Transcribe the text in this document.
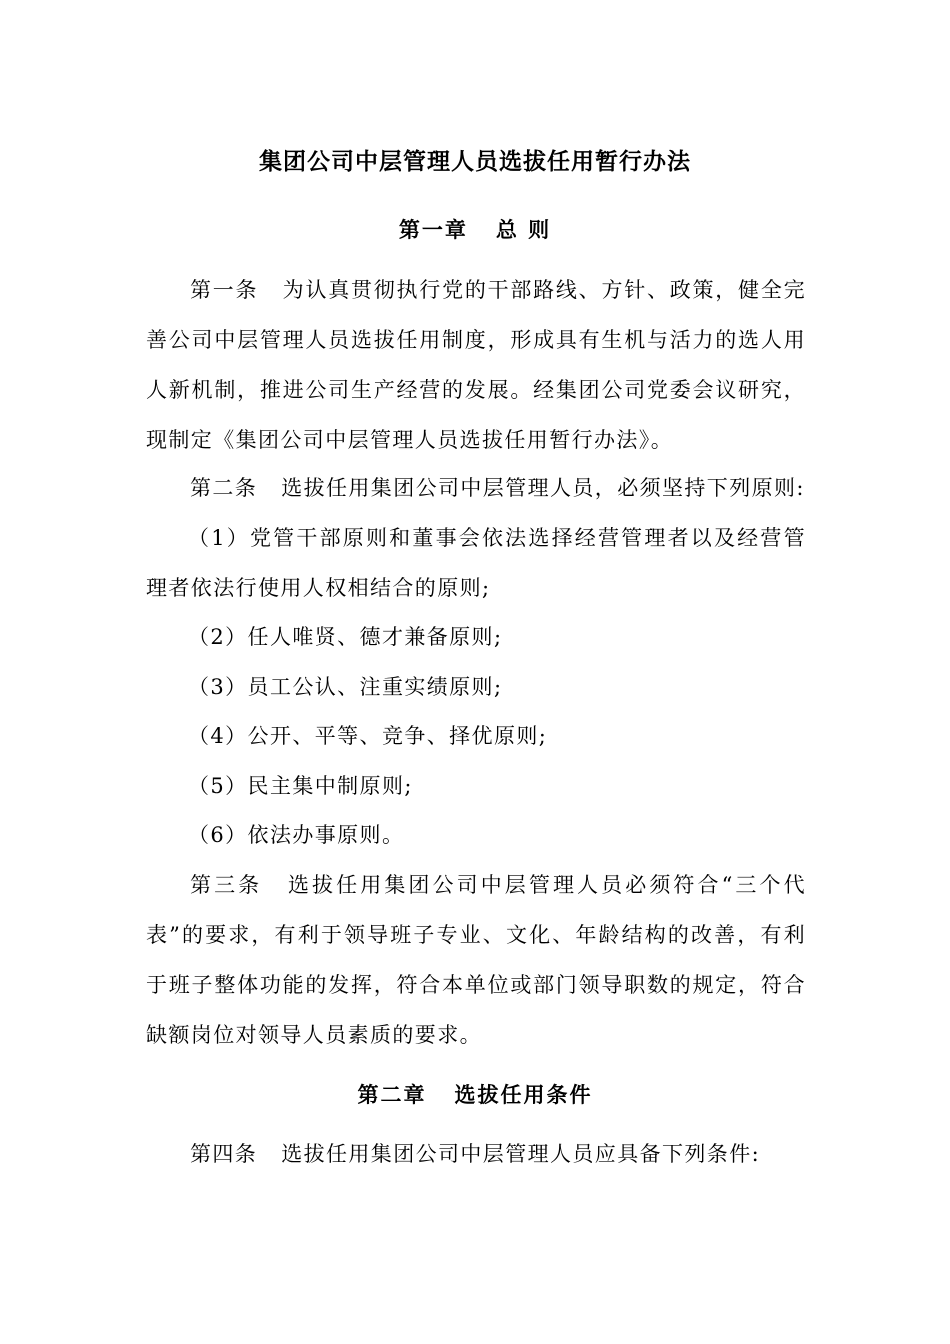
集团公司中层管理人员选拔任用暂行办法
第一章 总 则
第一条 为认真贯彻执行党的干部路线、方针、政策，健全完善公司中层管理人员选拔任用制度，形成具有生机与活力的选人用人新机制，推进公司生产经营的发展。经集团公司党委会议研究，现制定《集团公司中层管理人员选拔任用暂行办法》。
第二条 选拔任用集团公司中层管理人员，必须坚持下列原则:
（1）党管干部原则和董事会依法选择经营管理者以及经营管理者依法行使用人权相结合的原则;
（2）任人唯贤、德才兼备原则;
（3）员工公认、注重实绩原则;
（4）公开、平等、竞争、择优原则;
（5）民主集中制原则;
（6）依法办事原则。
第三条 选拔任用集团公司中层管理人员必须符合“三个代表”的要求，有利于领导班子专业、文化、年龄结构的改善，有利于班子整体功能的发挥，符合本单位或部门领导职数的规定，符合缺额岗位对领导人员素质的要求。
第二章 选拔任用条件
第四条 选拔任用集团公司中层管理人员应具备下列条件:
